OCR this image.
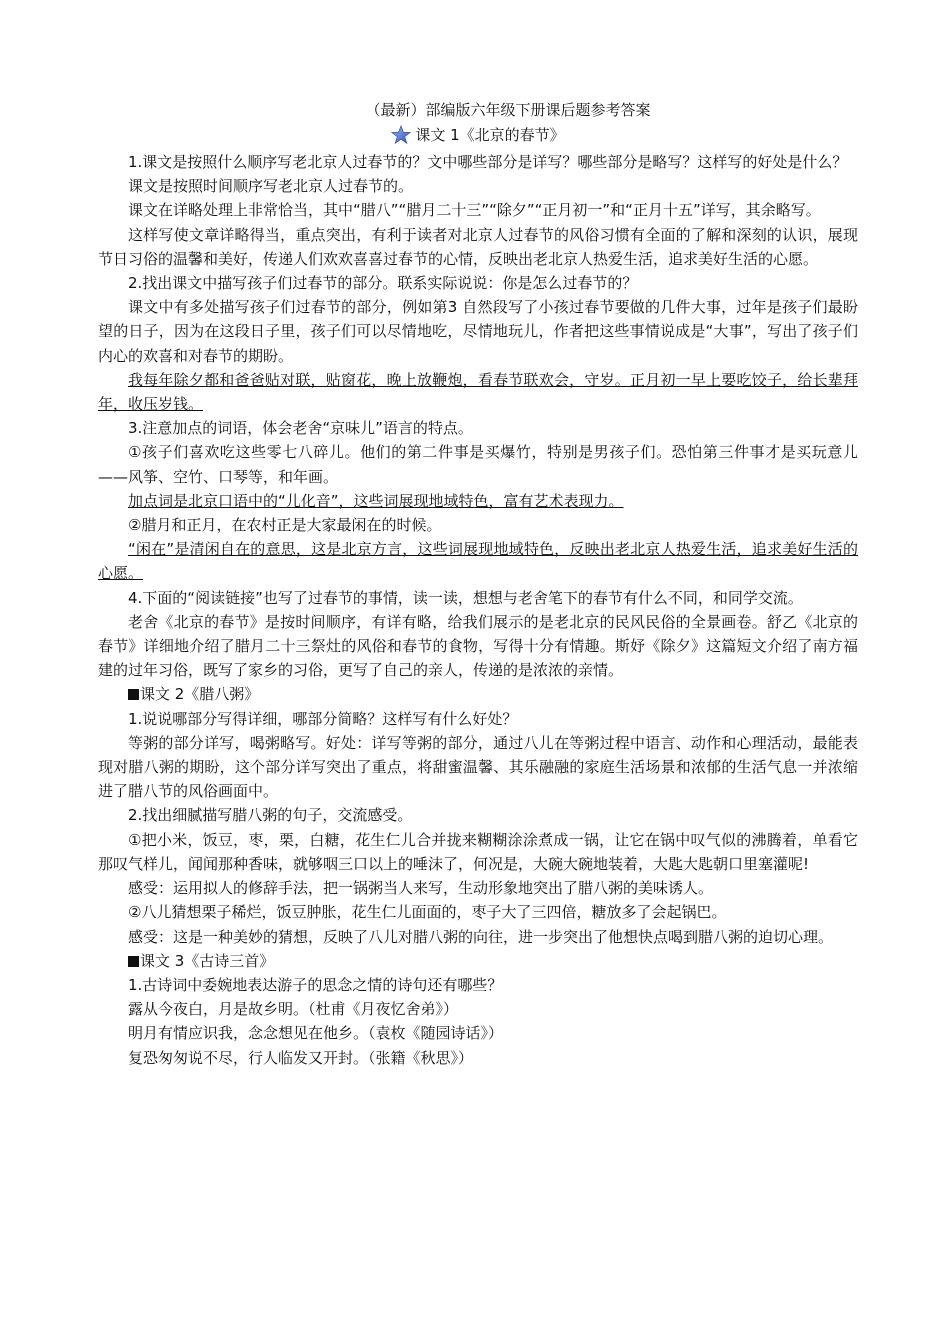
（最新）部编版六年级下册课后题参考答案
课文 1《北京的春节》

1.课文是按照什么顺序写老北京人过春节的？文中哪些部分是详写？哪些部分是略写？这样写的好处是什么？

课文是按照时间顺序写老北京人过春节的。

课文在详略处理上非常恰当，其中“腊八”“腊月二十三”“除夕”“正月初一”和“正月十五”详写，其余略写。

这样写使文章详略得当，重点突出，有利于读者对北京人过春节的风俗习惯有全面的了解和深刻的认识，展现节日习俗的温馨和美好，传递人们欢欢喜喜过春节的心情，反映出老北京人热爱生活，追求美好生活的心愿。

2.找出课文中描写孩子们过春节的部分。联系实际说说：你是怎么过春节的？

课文中有多处描写孩子们过春节的部分，例如第3 自然段写了小孩过春节要做的几件大事，过年是孩子们最盼望的日子，因为在这段日子里，孩子们可以尽情地吃，尽情地玩儿，作者把这些事情说成是“大事”，写出了孩子们内心的欢喜和对春节的期盼。

我每年除夕都和爸爸贴对联，贴窗花，晚上放鞭炮，看春节联欢会，守岁。正月初一早上要吃饺子，给长辈拜年，收压岁钱。

3.注意加点的词语，体会老舍“京味儿”语言的特点。

①孩子们喜欢吃这些零七八碎儿。他们的第二件事是买爆竹，特别是男孩子们。恐怕第三件事才是买玩意儿——风筝、空竹、口琴等，和年画。

加点词是北京口语中的“儿化音”，这些词展现地域特色，富有艺术表现力。

②腊月和正月，在农村正是大家最闲在的时候。

“闲在”是清闲自在的意思，这是北京方言，这些词展现地域特色，反映出老北京人热爱生活，追求美好生活的心愿。

4.下面的“阅读链接”也写了过春节的事情，读一读，想想与老舍笔下的春节有什么不同，和同学交流。

老舍《北京的春节》是按时间顺序，有详有略，给我们展示的是老北京的民风民俗的全景画卷。舒乙《北京的春节》详细地介绍了腊月二十三祭灶的风俗和春节的食物，写得十分有情趣。斯妤《除夕》这篇短文介绍了南方福建的过年习俗，既写了家乡的习俗，更写了自己的亲人，传递的是浓浓的亲情。

课文 2《腊八粥》

1.说说哪部分写得详细，哪部分简略？这样写有什么好处？

等粥的部分详写，喝粥略写。好处：详写等粥的部分，通过八儿在等粥过程中语言、动作和心理活动，最能表现对腊八粥的期盼，这个部分详写突出了重点，将甜蜜温馨、其乐融融的家庭生活场景和浓郁的生活气息一并浓缩进了腊八节的风俗画面中。

2.找出细腻描写腊八粥的句子，交流感受。

①把小米，饭豆，枣，栗，白糖，花生仁儿合并拢来糊糊涂涂煮成一锅，让它在锅中叹气似的沸腾着，单看它那叹气样儿，闻闻那种香味，就够咽三口以上的唾沫了，何况是，大碗大碗地装着，大匙大匙朝口里塞灌呢!

感受：运用拟人的修辞手法，把一锅粥当人来写，生动形象地突出了腊八粥的美味诱人。

②八儿猜想栗子稀烂，饭豆肿胀，花生仁儿面面的，枣子大了三四倍，糖放多了会起锅巴。

感受：这是一种美妙的猜想，反映了八儿对腊八粥的向往，进一步突出了他想快点喝到腊八粥的迫切心理。

课文 3《古诗三首》

1.古诗词中委婉地表达游子的思念之情的诗句还有哪些？

露从今夜白，月是故乡明。（杜甫《月夜忆舍弟》）

明月有情应识我，念念想见在他乡。（袁枚《随园诗话》）

复恐匆匆说不尽，行人临发又开封。（张籍《秋思》）
